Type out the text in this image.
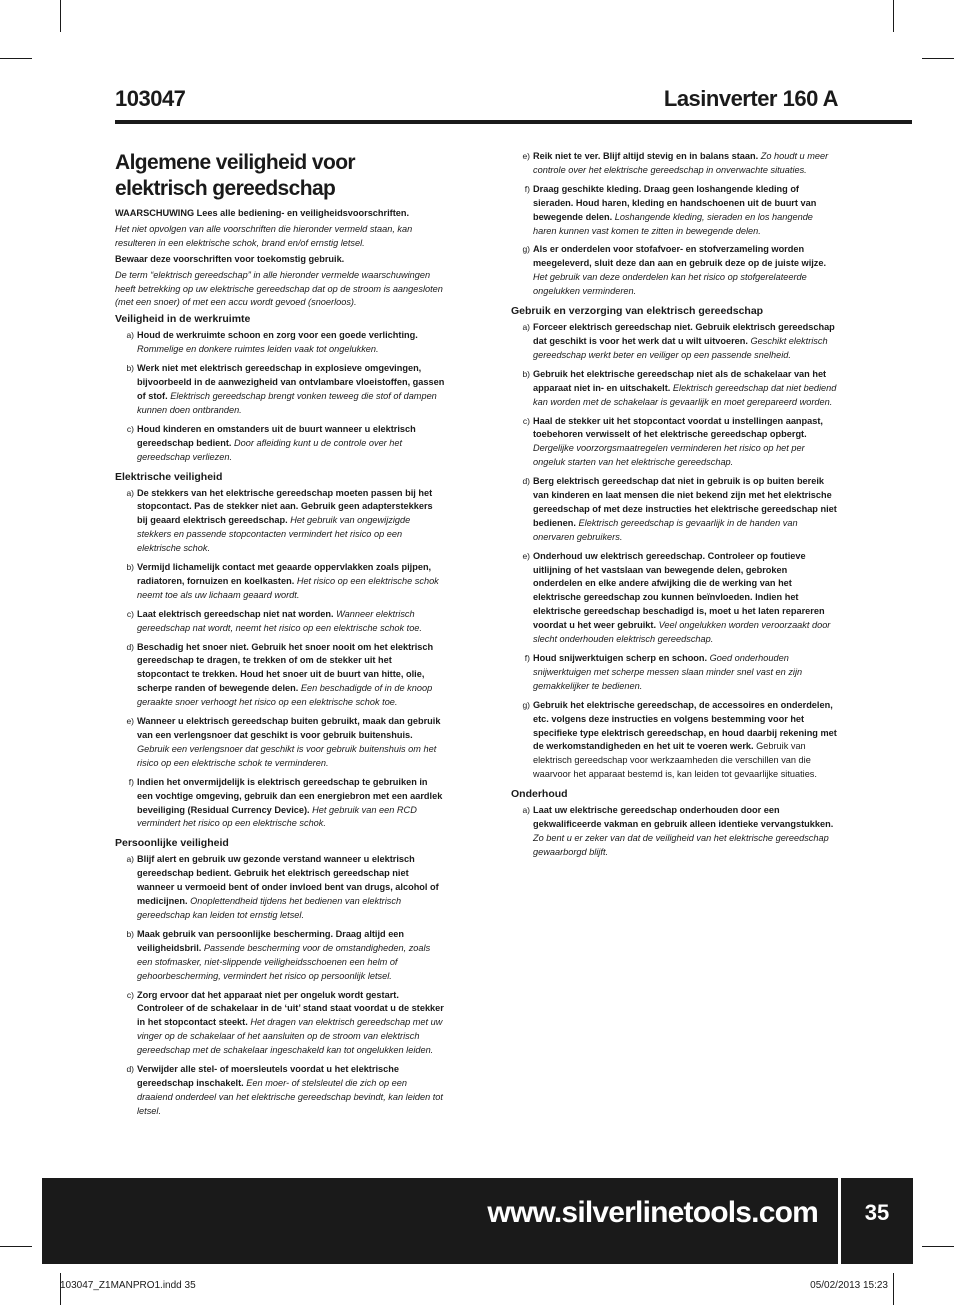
103047	Lasinverter 160 A
Algemene veiligheid voor elektrisch gereedschap

WAARSCHUWING Lees alle bediening- en veiligheidsvoorschriften.

Het niet opvolgen van alle voorschriften die hieronder vermeld staan, kan resulteren in een elektrische schok, brand en/of ernstig letsel.

Bewaar deze voorschriften voor toekomstig gebruik.

De term “elektrisch gereedschap” in alle hieronder vermelde waarschuwingen heeft betrekking op uw elektrische gereedschap dat op de stroom is aangesloten (met een snoer) of met een accu wordt gevoed (snoerloos).

Veiligheid in de werkruimte
a) Houd de werkruimte schoon en zorg voor een goede verlichting. Rommelige en donkere ruimtes leiden vaak tot ongelukken.
b) Werk niet met elektrisch gereedschap in explosieve omgevingen, bijvoorbeeld in de aanwezigheid van ontvlambare vloeistoffen, gassen of stof. Elektrisch gereedschap brengt vonken teweeg die stof of dampen kunnen doen ontbranden.
c) Houd kinderen en omstanders uit de buurt wanneer u elektrisch gereedschap bedient. Door afleiding kunt u de controle over het gereedschap verliezen.
Elektrische veiligheid
a) De stekkers van het elektrische gereedschap moeten passen bij het stopcontact. Pas de stekker niet aan. Gebruik geen adapterstekkers bij geaard elektrisch gereedschap. Het gebruik van ongewijzigde stekkers en passende stopcontacten vermindert het risico op een elektrische schok.
b) Vermijd lichamelijk contact met geaarde oppervlakken zoals pijpen, radiatoren, fornuizen en koelkasten. Het risico op een elektrische schok neemt toe als uw lichaam geaard wordt.
c) Laat elektrisch gereedschap niet nat worden. Wanneer elektrisch gereedschap nat wordt, neemt het risico op een elektrische schok toe.
d) Beschadig het snoer niet. Gebruik het snoer nooit om het elektrisch gereedschap te dragen, te trekken of om de stekker uit het stopcontact te trekken. Houd het snoer uit de buurt van hitte, olie, scherpe randen of bewegende delen. Een beschadigde of in de knoop geraakte snoer verhoogt het risico op een elektrische schok toe.
e) Wanneer u elektrisch gereedschap buiten gebruikt, maak dan gebruik van een verlengsnoer dat geschikt is voor gebruik buitenshuis. Gebruik een verlengsnoer dat geschikt is voor gebruik buitenshuis om het risico op een elektrische schok te verminderen.
f) Indien het onvermijdelijk is elektrisch gereedschap te gebruiken in een vochtige omgeving, gebruik dan een energiebron met een aardlek beveiliging (Residual Currency Device). Het gebruik van een RCD vermindert het risico op een elektrische schok.
Persoonlijke veiligheid
a) Blijf alert en gebruik uw gezonde verstand wanneer u elektrisch gereedschap bedient. Gebruik het elektrisch gereedschap niet wanneer u vermoeid bent of onder invloed bent van drugs, alcohol of medicijnen. Onoplettendheid tijdens het bedienen van elektrisch gereedschap kan leiden tot ernstig letsel.
b) Maak gebruik van persoonlijke bescherming. Draag altijd een veiligheidsbril. Passende bescherming voor de omstandigheden, zoals een stofmasker, niet-slippende veiligheidsschoenen een helm of gehoorbescherming, vermindert het risico op persoonlijk letsel.
c) Zorg ervoor dat het apparaat niet per ongeluk wordt gestart. Controleer of de schakelaar in de ‘uit’ stand staat voordat u de stekker in het stopcontact steekt. Het dragen van elektrisch gereedschap met uw vinger op de schakelaar of het aansluiten op de stroom van elektrisch gereedschap met de schakelaar ingeschakeld kan tot ongelukken leiden.
d) Verwijder alle stel- of moersleutels voordat u het elektrische gereedschap inschakelt. Een moer- of stelsleutel die zich op een draaiend onderdeel van het elektrische gereedschap bevindt, kan leiden tot letsel.
e) Reik niet te ver. Blijf altijd stevig en in balans staan. Zo houdt u meer controle over het elektrische gereedschap in onverwachte situaties.
f) Draag geschikte kleding. Draag geen loshangende kleding of sieraden. Houd haren, kleding en handschoenen uit de buurt van bewegende delen. Loshangende kleding, sieraden en los hangende haren kunnen vast komen te zitten in bewegende delen.
g) Als er onderdelen voor stofafvoer- en stofverzameling worden meegeleverd, sluit deze dan aan en gebruik deze op de juiste wijze. Het gebruik van deze onderdelen kan het risico op stofgerelateerde ongelukken verminderen.
Gebruik en verzorging van elektrisch gereedschap
a) Forceer elektrisch gereedschap niet. Gebruik elektrisch gereedschap dat geschikt is voor het werk dat u wilt uitvoeren. Geschikt elektrisch gereedschap werkt beter en veiliger op een passende snelheid.
b) Gebruik het elektrische gereedschap niet als de schakelaar van het apparaat niet in- en uitschakelt. Elektrisch gereedschap dat niet bediend kan worden met de schakelaar is gevaarlijk en moet gerepareerd worden.
c) Haal de stekker uit het stopcontact voordat u instellingen aanpast, toebehoren verwisselt of het elektrische gereedschap opbergt. Dergelijke voorzorgsmaatregelen verminderen het risico op het per ongeluk starten van het elektrische gereedschap.
d) Berg elektrisch gereedschap dat niet in gebruik is op buiten bereik van kinderen en laat mensen die niet bekend zijn met het elektrische gereedschap of met deze instructies het elektrische gereedschap niet bedienen. Elektrisch gereedschap is gevaarlijk in de handen van onervaren gebruikers.
e) Onderhoud uw elektrisch gereedschap. Controleer op foutieve uitlijning of het vastslaan van bewegende delen, gebroken onderdelen en elke andere afwijking die de werking van het elektrische gereedschap zou kunnen beïnvloeden. Indien het elektrische gereedschap beschadigd is, moet u het laten repareren voordat u het weer gebruikt. Veel ongelukken worden veroorzaakt door slecht onderhouden elektrisch gereedschap.
f) Houd snijwerktuigen scherp en schoon. Goed onderhouden snijwerktuigen met scherpe messen slaan minder snel vast en zijn gemakkelijker te bedienen.
g) Gebruik het elektrische gereedschap, de accessoires en onderdelen, etc. volgens deze instructies en volgens bestemming voor het specifieke type elektrisch gereedschap, en houd daarbij rekening met de werkomstandigheden en het uit te voeren werk. Gebruik van elektrisch gereedschap voor werkzaamheden die verschillen van die waarvoor het apparaat bestemd is, kan leiden tot gevaarlijke situaties.
Onderhoud
a) Laat uw elektrische gereedschap onderhouden door een gekwalificeerde vakman en gebruik alleen identieke vervangstukken. Zo bent u er zeker van dat de veiligheid van het elektrische gereedschap gewaarborgd blijft.
www.silverlinetools.com	35
103047_Z1MANPRO1.indd 35	05/02/2013 15:23
